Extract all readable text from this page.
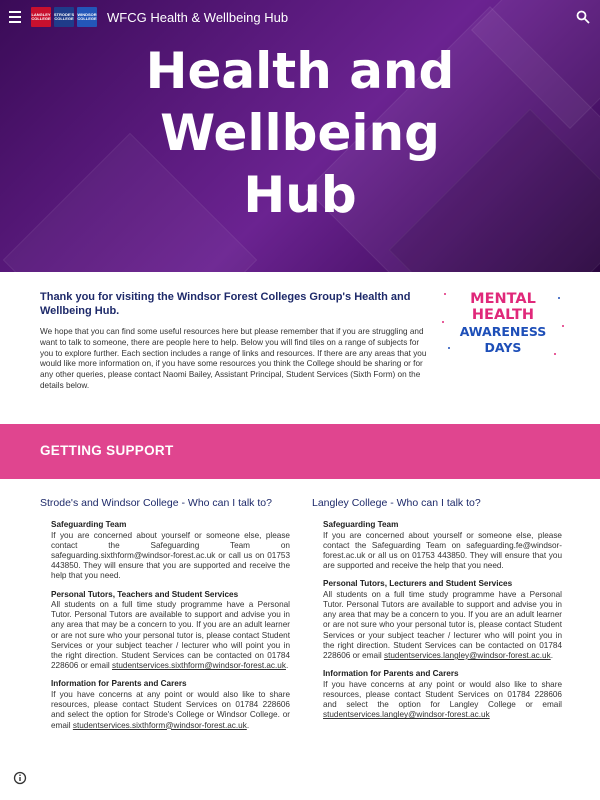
LANGLEY COLLEGE
STRODE'S COLLEGE
WINDSOR COLLEGE WFCG Health & Wellbeing Hub
Health and
Wellbeing
Hub
Thank you for visiting the Windsor Forest Colleges Group's Health and Wellbeing Hub.

We hope that you can find some useful resources here but please remember that if you are struggling and want to talk to someone, there are people here to help. Below you will find tiles on a range of subjects for you to explore further. Each section includes a range of links and resources. If there are any areas that you would like more information on, if you have some resources you think the College should be sharing or for any other queries, please contact Naomi Bailey, Assistant Principal, Student Services (Sixth Form) on the details below.

MENTAL
HEALTH
AWARENESS
DAYS
GETTING SUPPORT
Strode's and Windsor College - Who can I talk to?
Safeguarding Team

If you are concerned about yourself or someone else, please contact the Safeguarding Team on safeguarding.sixthform@windsor-forest.ac.uk or call us on 01753 443850. They will ensure that you are supported and receive the help that you need.

Personal Tutors, Teachers and Student Services

All students on a full time study programme have a Personal Tutor. Personal Tutors are available to support and advise you in any area that may be a concern to you. If you are an adult learner or are not sure who your personal tutor is, please contact Student Services or your subject teacher / lecturer who will point you in the right direction. Student Services can be contacted on 01784 228606 or email studentservices.sixthform@windsor-forest.ac.uk.

Information for Parents and Carers

If you have concerns at any point or would also like to share resources, please contact Student Services on 01784 228606 and select the option for Strode's College or Windsor College. or email studentservices.sixthform@windsor-forest.ac.uk.

Langley College - Who can I talk to?
Safeguarding Team

If you are concerned about yourself or someone else, please contact the Safeguarding Team on safeguarding.fe@windsor-forest.ac.uk or all us on 01753 443850. They will ensure that you are supported and receive the help that you need.

Personal Tutors, Lecturers and Student Services

All students on a full time study programme have a Personal Tutor. Personal Tutors are available to support and advise you in any area that may be a concern to you. If you are an adult learner or are not sure who your personal tutor is, please contact Student Services or your subject teacher / lecturer who will point you in the right direction. Student Services can be contacted on 01784 228606 or email studentservices.langley@windsor-forest.ac.uk.

Information for Parents and Carers

If you have concerns at any point or would also like to share resources, please contact Student Services on 01784 228606 and select the option for Langley College or email studentservices.langley@windsor-forest.ac.uk
